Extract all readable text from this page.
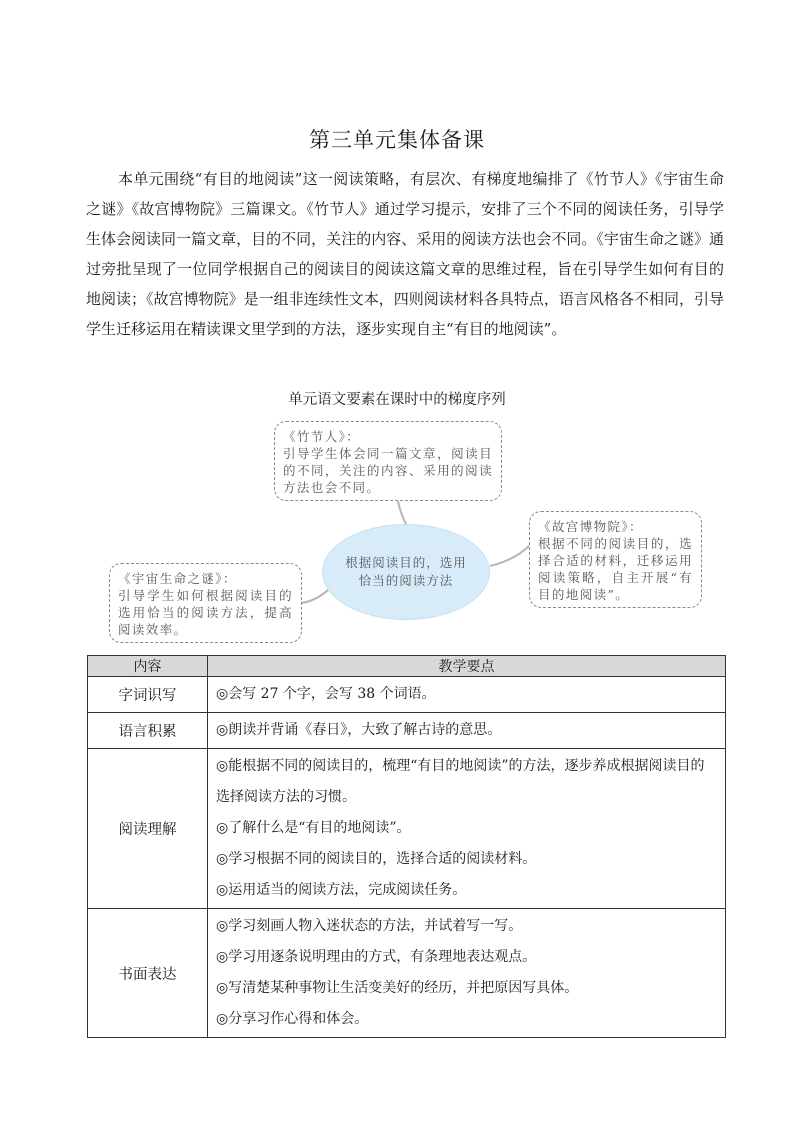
第三单元集体备课
本单元围绕“有目的地阅读”这一阅读策略，有层次、有梯度地编排了《竹节人》《宇宙生命之谜》《故宫博物院》三篇课文。《竹节人》通过学习提示，安排了三个不同的阅读任务，引导学生体会阅读同一篇文章，目的不同，关注的内容、采用的阅读方法也会不同。《宇宙生命之谜》通过旁批呈现了一位同学根据自己的阅读目的阅读这篇文章的思维过程，旨在引导学生如何有目的地阅读；《故宫博物院》是一组非连续性文本，四则阅读材料各具特点，语言风格各不相同，引导学生迁移运用在精读课文里学到的方法，逐步实现自主“有目的地阅读”。
单元语文要素在课时中的梯度序列
《竹节人》：
引导学生体会同一篇文章，阅读目的不同，关注的内容、采用的阅读方法也会不同。
《故宫博物院》：
根据不同的阅读目的，选择合适的材料，迁移运用阅读策略，自主开展“有目的地阅读”。
《宇宙生命之谜》：
引导学生如何根据阅读目的选用恰当的阅读方法，提高阅读效率。
根据阅读目的，选用恰当的阅读方法
内容	教学要点
字词识写	◎会写 27 个字，会写 38 个词语。

语言积累	◎朗读并背诵《春日》，大致了解古诗的意思。

阅读理解	◎能根据不同的阅读目的，梳理“有目的地阅读”的方法，逐步养成根据阅读目的选择阅读方法的习惯。
◎了解什么是“有目的地阅读”。
◎学习根据不同的阅读目的，选择合适的阅读材料。
◎运用适当的阅读方法，完成阅读任务。

书面表达	◎学习刻画人物入迷状态的方法，并试着写一写。
◎学习用逐条说明理由的方式，有条理地表达观点。
◎写清楚某种事物让生活变美好的经历，并把原因写具体。
◎分享习作心得和体会。
